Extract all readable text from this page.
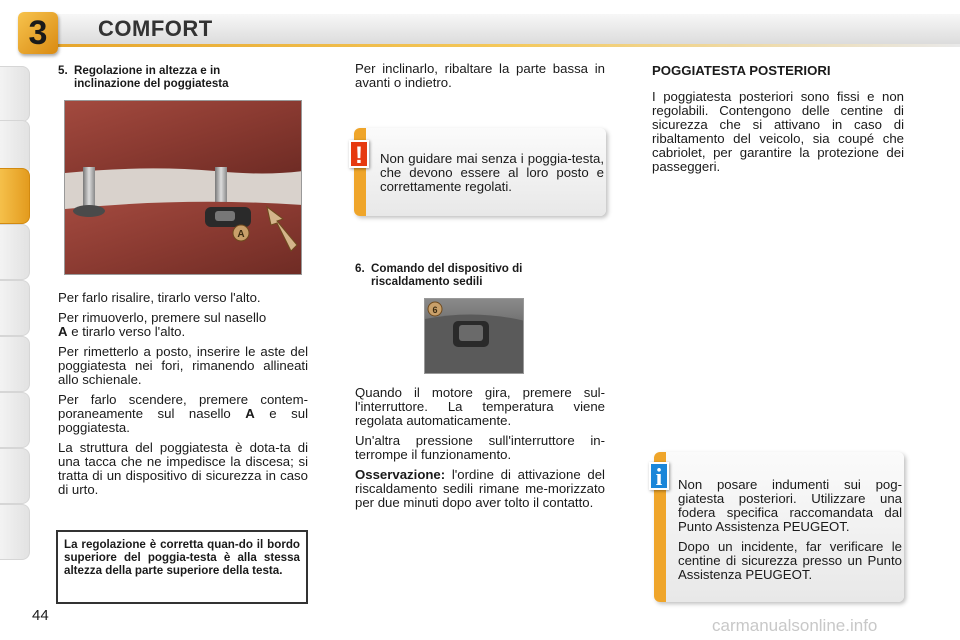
3	COMFORT
5. Regolazione in altezza e in
inclinazione del poggiatesta
A

Per farlo risalire, tirarlo verso l'alto.

Per rimuoverlo, premere sul nasello
A e tirarlo verso l'alto.

Per rimetterlo a posto, inserire le aste del poggiatesta nei fori, rimanendo allineati allo schienale.

Per farlo scendere, premere contem-poraneamente sul nasello A e sul poggiatesta.

La struttura del poggiatesta è dota-ta di una tacca che ne impedisce la discesa; si tratta di un dispositivo di sicurezza in caso di urto.

La regolazione è corretta quan-do il bordo superiore del poggia-testa è alla stessa altezza della parte superiore della testa.
Per inclinarlo, ribaltare la parte bassa in avanti o indietro.
Non guidare mai senza i poggia-testa, che devono essere al loro posto e correttamente regolati.
!
6. Comando del dispositivo di
riscaldamento sedili
6

Quando il motore gira, premere sul-l'interruttore. La temperatura viene regolata automaticamente.

Un'altra pressione sull'interruttore in-terrompe il funzionamento.

Osservazione: l'ordine di attivazione del riscaldamento sedili rimane me-morizzato per due minuti dopo aver tolto il contatto.

POGGIATESTA POSTERIORI
I poggiatesta posteriori sono fissi e non regolabili. Contengono delle centine di sicurezza che si attivano in caso di ribaltamento del veicolo, sia coupé che cabriolet, per garantire la protezione dei passeggeri.

Non posare indumenti sui pog-giatesta posteriori. Utilizzare una fodera specifica raccomandata dal Punto Assistenza PEUGEOT.

Dopo un incidente, far verificare le centine di sicurezza presso un Punto Assistenza PEUGEOT.

i
44
carmanualsonline.info
